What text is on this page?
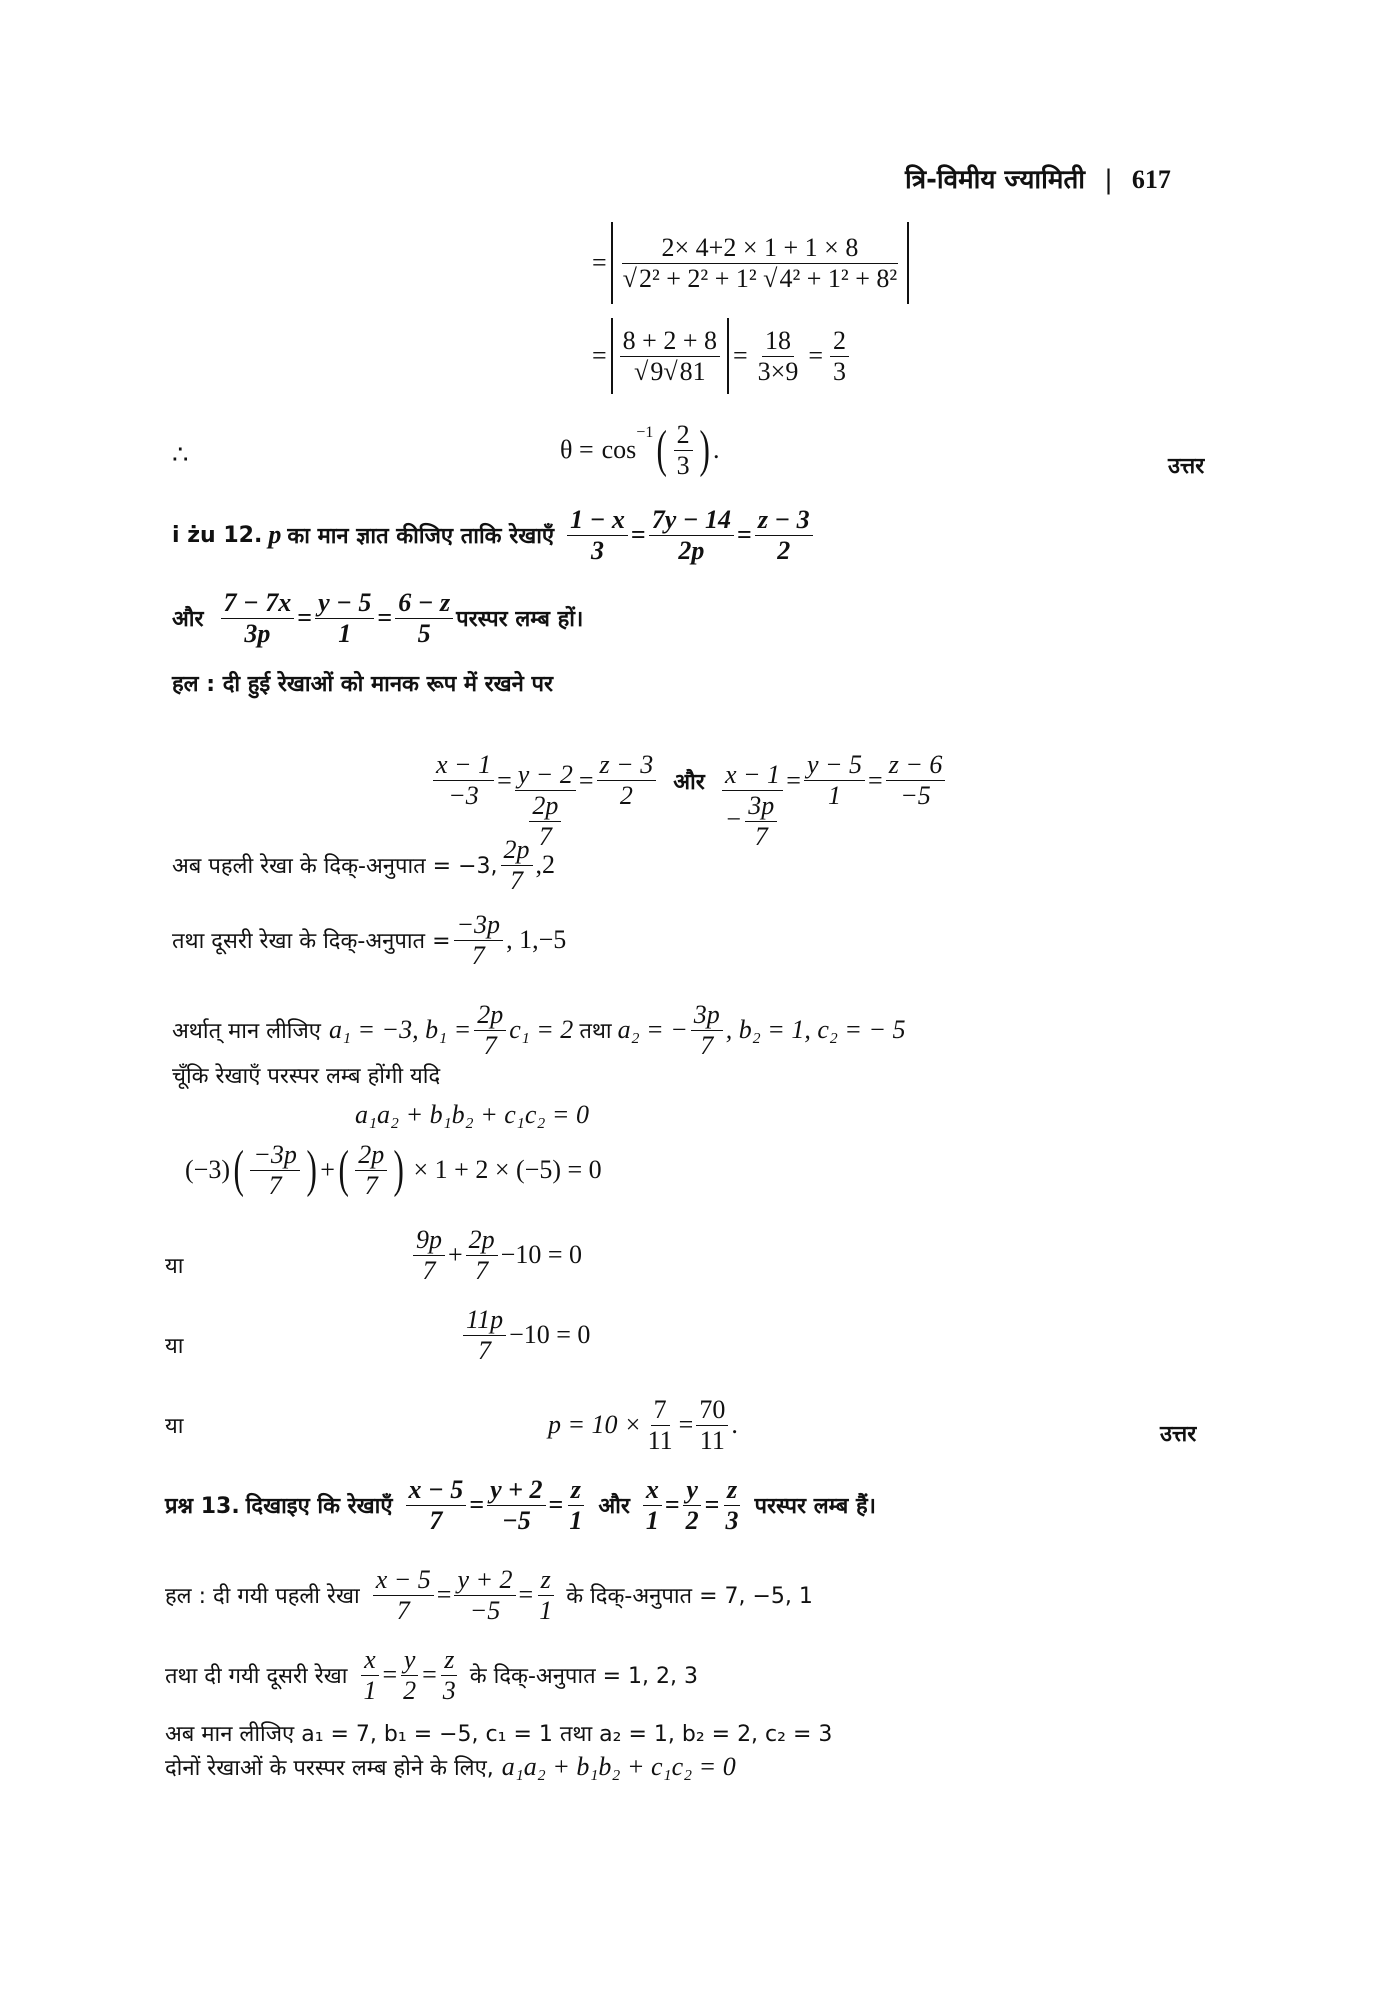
त्रि-विमीय ज्यामिती | 617
= $\frac{2\times 4+2 \times 1 + 1 \times 8}{\text{√2² + 2² + 1² √4² + 1² + 8²}}$
= $\frac{8 + 2 + 8}{√9√81} = \frac{18}{3\times 9} = \frac{2}{3}$
∴	θ = cos
$^{-1}$ ( $\frac{2}{3}$ ) .
उत्तर
i żu 12. p का मान ज्ञात कीजिए ताकि रेखाएँ $\frac{1 - x}{3} = \frac{7y - 14}{2p} = \frac{z - 3}{2}$
और $\frac{7 - 7x}{3p} = \frac{y - 5}{1} = \frac{6 - z}{5}$ परस्पर लम्ब हों।
हल : दी हुई रेखाओं को मानक रूप में रखने पर
$\frac{x - 1}{-3} = \frac{y - 2}{\frac{2p}{7}} = \frac{z - 3}{2}$ और $\frac{x - 1}{- \frac{3p}{7}} = \frac{y - 5}{1} = \frac{z - 6}{-5}$
अब पहली रेखा के दिक्-अनुपात = −3, $\frac{2p}{7} ,2$
तथा दूसरी रेखा के दिक्-अनुपात = $\frac{-3p}{7}$ , 1,−5
अर्थात् मान लीजिए a₁ = −3, $b_1 = \frac{2p}{7} c_1 = 2$ तथा a₂ = − $\frac{3p}{7}$ , b₂ = 1, c₂ = − 5
चूँकि रेखाएँ परस्पर लम्ब होंगी यदि
a₁a₂ + b₁b₂ + c₁c₂ = 0
(−3) ( $\frac{-3p}{7}$ ) + ( $\frac{2p}{7}$ ) × 1 + 2 × (−5) = 0
या	$\frac{9p}{7} + \frac{2p}{7} -10 = 0$
या	$\frac{11p}{7} -10 = 0$
या	$p = 10 \times \frac{7}{11} = \frac{70}{11}$ .	उत्तर
प्रश्न 13. दिखाइए कि रेखाएँ $\frac{x - 5}{7} = \frac{y + 2}{-5} = \frac{z}{1}$ और $\frac{x}{1} = \frac{y}{2} = \frac{z}{3}$ परस्पर लम्ब हैं।
हल : दी गयी पहली रेखा $\frac{x - 5}{7} = \frac{y + 2}{-5} = \frac{z}{1}$ के दिक्-अनुपात = 7, −5, 1
तथा दी गयी दूसरी रेखा $\frac{x}{1} = \frac{y}{2} = \frac{z}{3}$ के दिक्-अनुपात = 1, 2, 3
अब मान लीजिए a₁ = 7, b₁ = −5, c₁ = 1 तथा a₂ = 1, b₂ = 2, c₂ = 3
दोनों रेखाओं के परस्पर लम्ब होने के लिए, a₁a₂ + b₁b₂ + c₁c₂ = 0
